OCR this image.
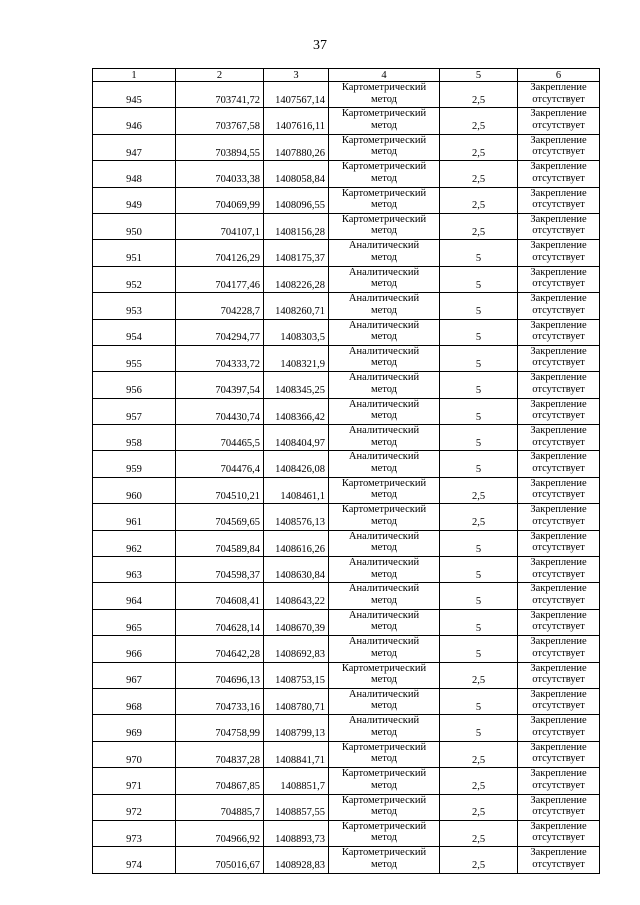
37
1	2	3	4	5	6
945	703741,72	1407567,14	Картометрический
метод	2,5	Закрепление
отсутствует

946	703767,58	1407616,11	Картометрический
метод	2,5	Закрепление
отсутствует

947	703894,55	1407880,26	Картометрический
метод	2,5	Закрепление
отсутствует

948	704033,38	1408058,84	Картометрический
метод	2,5	Закрепление
отсутствует

949	704069,99	1408096,55	Картометрический
метод	2,5	Закрепление
отсутствует

950	704107,1	1408156,28	Картометрический
метод	2,5	Закрепление
отсутствует

951	704126,29	1408175,37	Аналитический
метод	5	Закрепление
отсутствует

952	704177,46	1408226,28	Аналитический
метод	5	Закрепление
отсутствует

953	704228,7	1408260,71	Аналитический
метод	5	Закрепление
отсутствует

954	704294,77	1408303,5	Аналитический
метод	5	Закрепление
отсутствует

955	704333,72	1408321,9	Аналитический
метод	5	Закрепление
отсутствует

956	704397,54	1408345,25	Аналитический
метод	5	Закрепление
отсутствует

957	704430,74	1408366,42	Аналитический
метод	5	Закрепление
отсутствует

958	704465,5	1408404,97	Аналитический
метод	5	Закрепление
отсутствует

959	704476,4	1408426,08	Аналитический
метод	5	Закрепление
отсутствует

960	704510,21	1408461,1	Картометрический
метод	2,5	Закрепление
отсутствует

961	704569,65	1408576,13	Картометрический
метод	2,5	Закрепление
отсутствует

962	704589,84	1408616,26	Аналитический
метод	5	Закрепление
отсутствует

963	704598,37	1408630,84	Аналитический
метод	5	Закрепление
отсутствует

964	704608,41	1408643,22	Аналитический
метод	5	Закрепление
отсутствует

965	704628,14	1408670,39	Аналитический
метод	5	Закрепление
отсутствует

966	704642,28	1408692,83	Аналитический
метод	5	Закрепление
отсутствует

967	704696,13	1408753,15	Картометрический
метод	2,5	Закрепление
отсутствует

968	704733,16	1408780,71	Аналитический
метод	5	Закрепление
отсутствует

969	704758,99	1408799,13	Аналитический
метод	5	Закрепление
отсутствует

970	704837,28	1408841,71	Картометрический
метод	2,5	Закрепление
отсутствует

971	704867,85	1408851,7	Картометрический
метод	2,5	Закрепление
отсутствует

972	704885,7	1408857,55	Картометрический
метод	2,5	Закрепление
отсутствует

973	704966,92	1408893,73	Картометрический
метод	2,5	Закрепление
отсутствует

974	705016,67	1408928,83	Картометрический
метод	2,5	Закрепление
отсутствует
